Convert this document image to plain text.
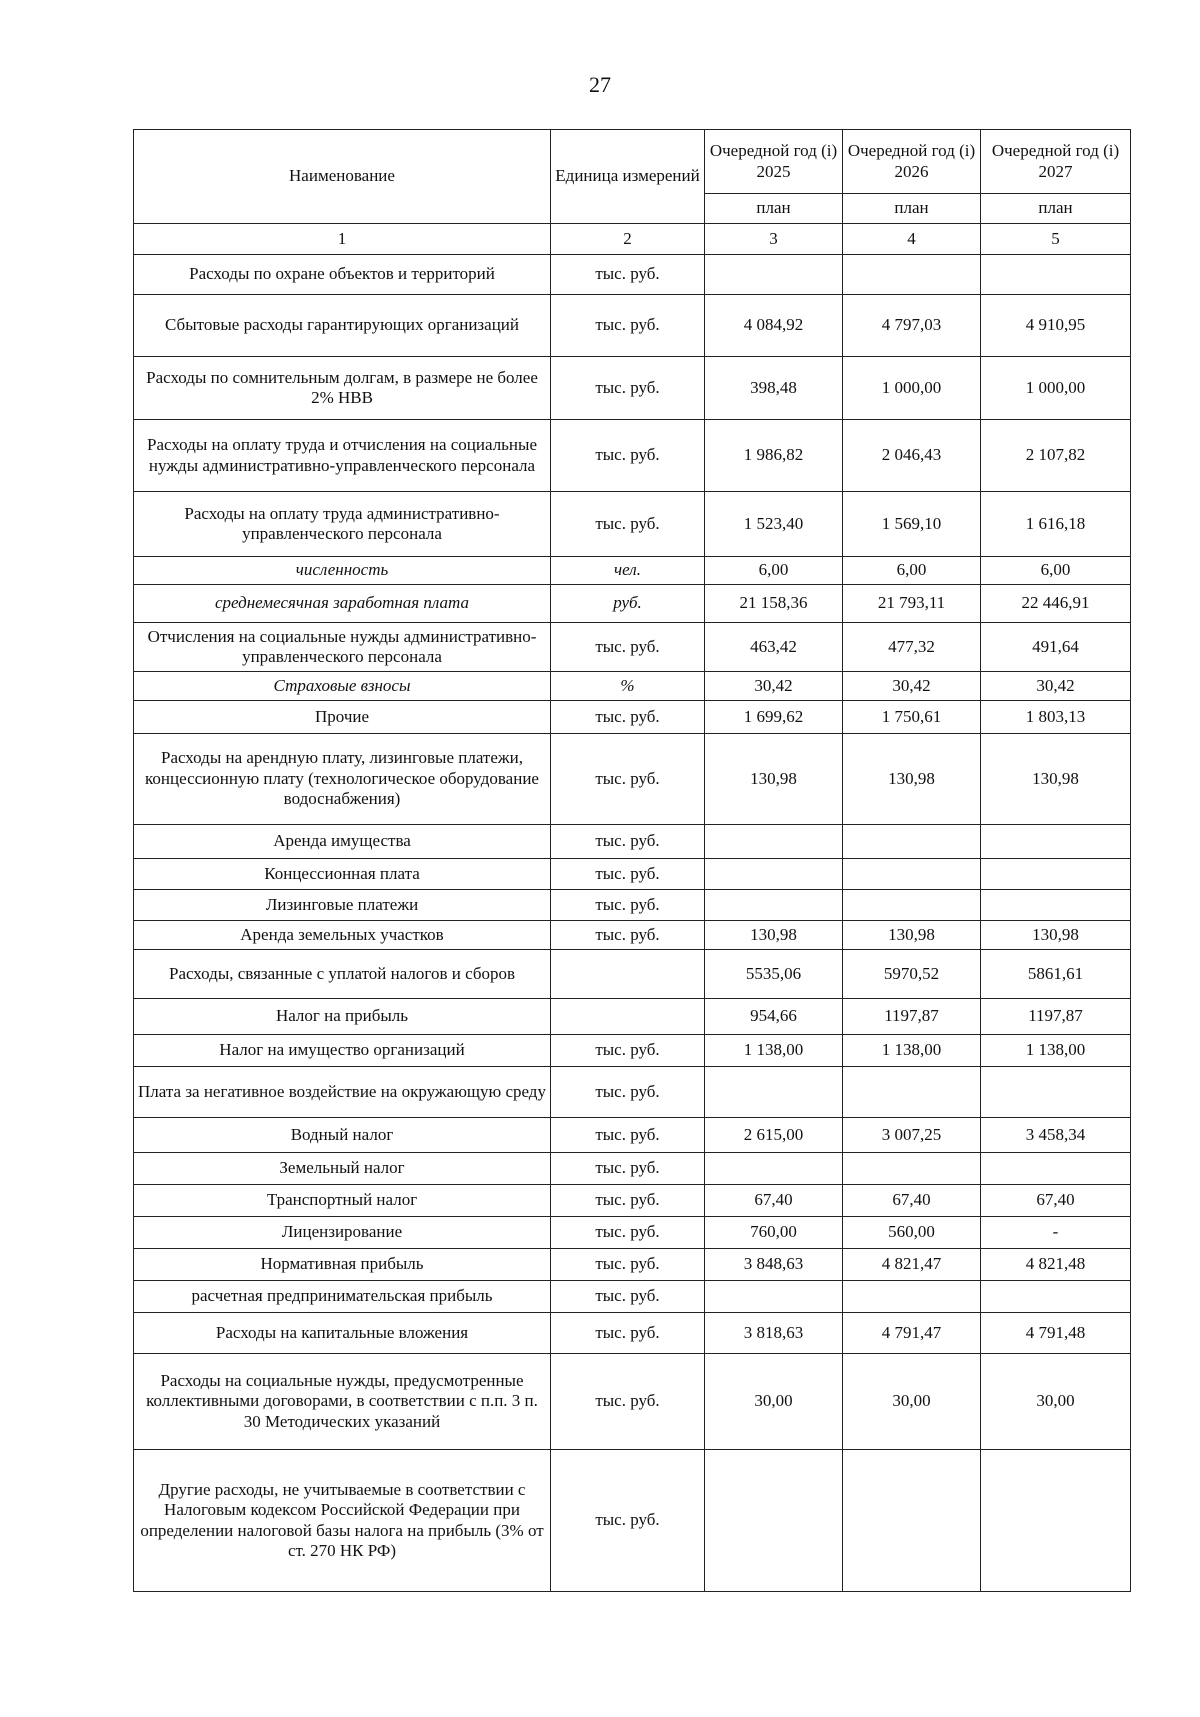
27
Наименование	Единица измерений	Очередной год (i) 2025	Очередной год (i) 2026	Очередной год (i) 2027
		план	план	план
1	2	3	4	5
Расходы по охране объектов и территорий	тыс. руб.			
Сбытовые расходы гарантирующих организаций	тыс. руб.	4 084,92	4 797,03	4 910,95
Расходы по сомнительным долгам, в размере не более 2% НВВ	тыс. руб.	398,48	1 000,00	1 000,00
Расходы на оплату труда и отчисления на социальные нужды административно-управленческого персонала	тыс. руб.	1 986,82	2 046,43	2 107,82
Расходы на оплату труда административно-управленческого персонала	тыс. руб.	1 523,40	1 569,10	1 616,18
численность	чел.	6,00	6,00	6,00
среднемесячная заработная плата	руб.	21 158,36	21 793,11	22 446,91
Отчисления на социальные нужды административно-управленческого персонала	тыс. руб.	463,42	477,32	491,64
Страховые взносы	%	30,42	30,42	30,42
Прочие	тыс. руб.	1 699,62	1 750,61	1 803,13
Расходы на арендную плату, лизинговые платежи, концессионную плату (технологическое оборудование водоснабжения)	тыс. руб.	130,98	130,98	130,98
Аренда имущества	тыс. руб.			
Концессионная плата	тыс. руб.			
Лизинговые платежи	тыс. руб.			
Аренда земельных участков	тыс. руб.	130,98	130,98	130,98
Расходы, связанные с уплатой налогов и сборов		5535,06	5970,52	5861,61
Налог на прибыль		954,66	1197,87	1197,87
Налог на имущество организаций	тыс. руб.	1 138,00	1 138,00	1 138,00
Плата за негативное воздействие на окружающую среду	тыс. руб.			
Водный налог	тыс. руб.	2 615,00	3 007,25	3 458,34
Земельный налог	тыс. руб.			
Транспортный налог	тыс. руб.	67,40	67,40	67,40
Лицензирование	тыс. руб.	760,00	560,00	-
Нормативная прибыль	тыс. руб.	3 848,63	4 821,47	4 821,48
расчетная предпринимательская прибыль	тыс. руб.			
Расходы на капитальные вложения	тыс. руб.	3 818,63	4 791,47	4 791,48
Расходы на социальные нужды, предусмотренные коллективными договорами, в соответствии с п.п. 3 п. 30 Методических указаний	тыс. руб.	30,00	30,00	30,00
Другие расходы, не учитываемые в соответствии с Налоговым кодексом Российской Федерации при определении налоговой базы налога на прибыль (3% от ст. 270 НК РФ)	тыс. руб.			
